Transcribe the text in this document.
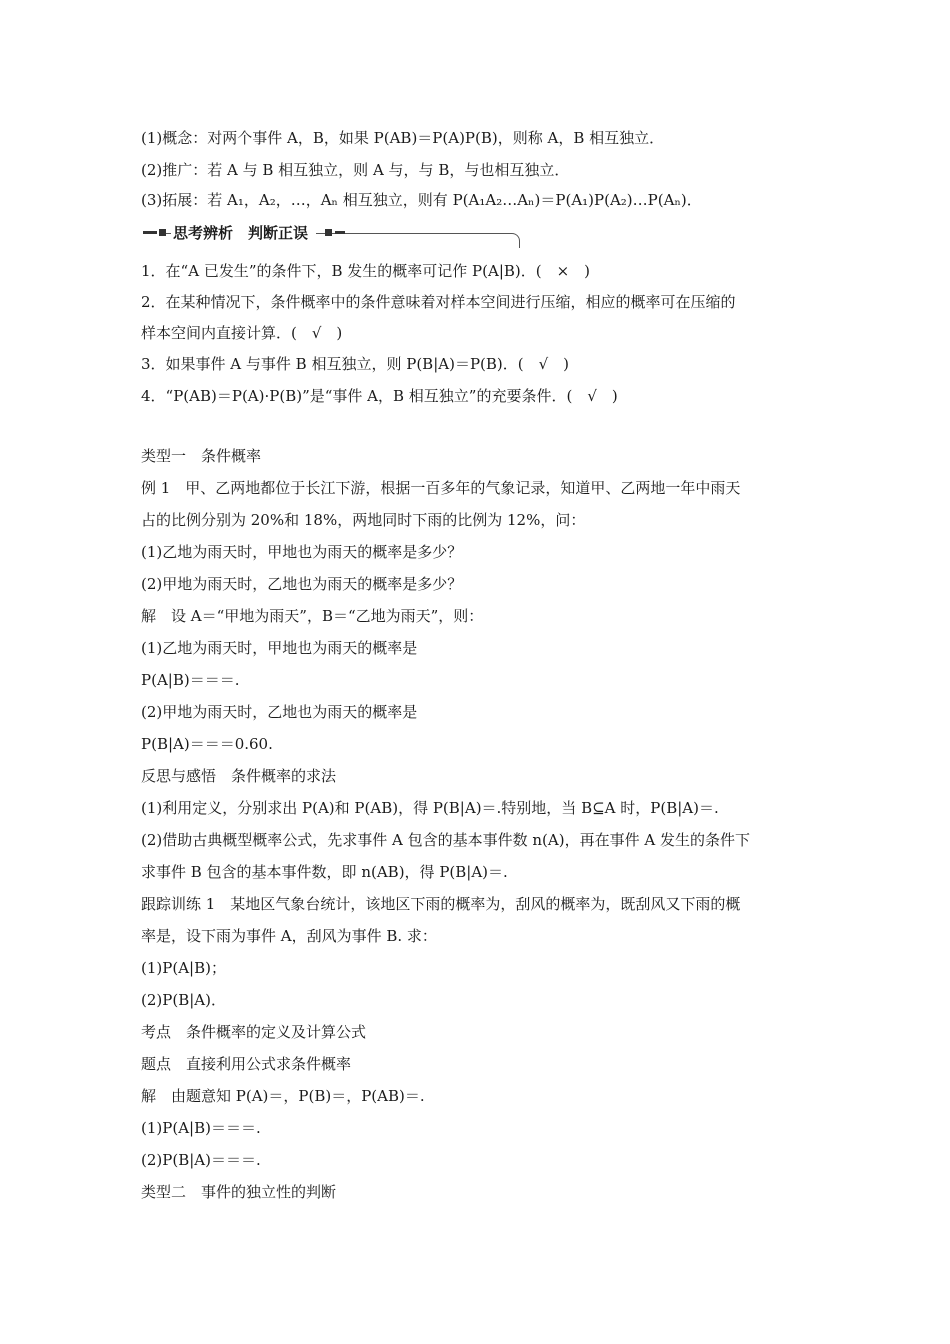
(1)概念：对两个事件 A，B，如果 P(AB)＝P(A)P(B)，则称 A，B 相互独立．
(2)推广：若 A 与 B 相互独立，则 A 与，与 B，与也相互独立．
(3)拓展：若 A₁，A₂，…，Aₙ 相互独立，则有 P(A₁A₂…Aₙ)＝P(A₁)P(A₂)…P(Aₙ)．
思考辨析　判断正误
1．在“A 已发生”的条件下，B 发生的概率可记作 P(A|B)．(　×　)
2．在某种情况下，条件概率中的条件意味着对样本空间进行压缩，相应的概率可在压缩的
样本空间内直接计算．(　√　)
3．如果事件 A 与事件 B 相互独立，则 P(B|A)＝P(B)．(　√　)
4．“P(AB)＝P(A)·P(B)”是“事件 A，B 相互独立”的充要条件．(　√　)
类型一　条件概率
例 1　甲、乙两地都位于长江下游，根据一百多年的气象记录，知道甲、乙两地一年中雨天
占的比例分别为 20%和 18%，两地同时下雨的比例为 12%，问：
(1)乙地为雨天时，甲地也为雨天的概率是多少？
(2)甲地为雨天时，乙地也为雨天的概率是多少？
解　设 A＝“甲地为雨天”，B＝“乙地为雨天”，则：
(1)乙地为雨天时，甲地也为雨天的概率是
P(A|B)＝＝＝.
(2)甲地为雨天时，乙地也为雨天的概率是
P(B|A)＝＝＝0.60.
反思与感悟　条件概率的求法
(1)利用定义，分别求出 P(A)和 P(AB)，得 P(B|A)＝.特别地，当 B⊆A 时，P(B|A)＝.
(2)借助古典概型概率公式，先求事件 A 包含的基本事件数 n(A)，再在事件 A 发生的条件下
求事件 B 包含的基本事件数，即 n(AB)，得 P(B|A)＝.
跟踪训练 1　某地区气象台统计，该地区下雨的概率为，刮风的概率为，既刮风又下雨的概
率是，设下雨为事件 A，刮风为事件 B. 求：
(1)P(A|B)；
(2)P(B|A)．
考点　条件概率的定义及计算公式
题点　直接利用公式求条件概率
解　由题意知 P(A)＝，P(B)＝，P(AB)＝.
(1)P(A|B)＝＝＝.
(2)P(B|A)＝＝＝.
类型二　事件的独立性的判断
